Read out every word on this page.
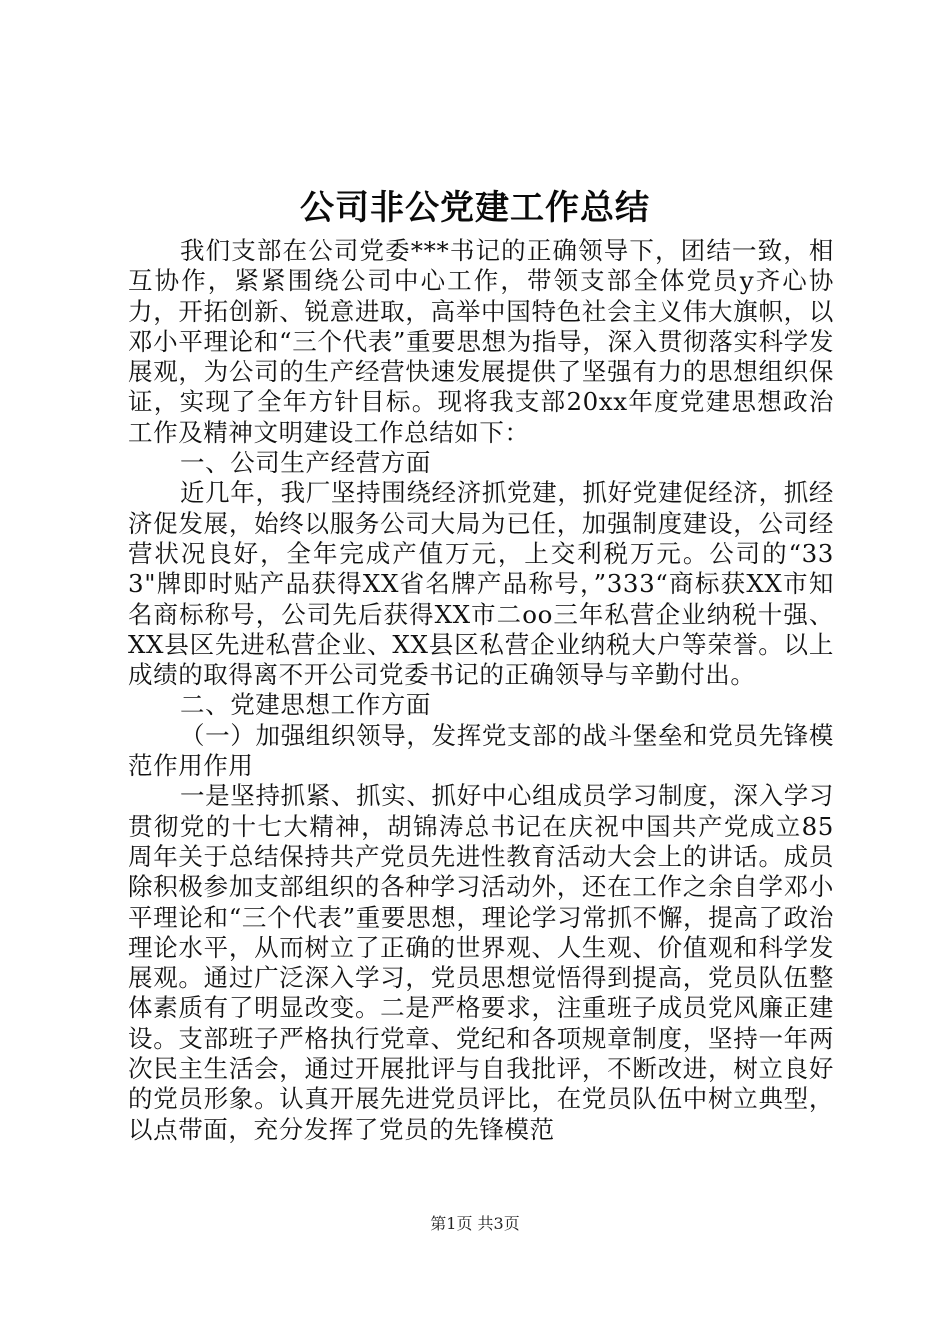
公司非公党建工作总结

我们支部在公司党委***书记的正确领导下，团结一致，相互协作，紧紧围绕公司中心工作，带领支部全体党员y齐心协力，开拓创新、锐意进取，高举中国特色社会主义伟大旗帜，以邓小平理论和“三个代表”重要思想为指导，深入贯彻落实科学发展观，为公司的生产经营快速发展提供了坚强有力的思想组织保证，实现了全年方针目标。现将我支部20xx年度党建思想政治工作及精神文明建设工作总结如下：

一、公司生产经营方面

近几年，我厂坚持围绕经济抓党建，抓好党建促经济，抓经济促发展，始终以服务公司大局为已任，加强制度建设，公司经营状况良好，全年完成产值万元，上交利税万元。公司的“333"牌即时贴产品获得XX省名牌产品称号，”333“商标获XX市知名商标称号，公司先后获得XX市二oo三年私营企业纳税十强、XX县区先进私营企业、XX县区私营企业纳税大户等荣誉。以上成绩的取得离不开公司党委书记的正确领导与辛勤付出。

二、党建思想工作方面

（一）加强组织领导，发挥党支部的战斗堡垒和党员先锋模范作用作用

一是坚持抓紧、抓实、抓好中心组成员学习制度，深入学习贯彻党的十七大精神，胡锦涛总书记在庆祝中国共产党成立85周年关于总结保持共产党员先进性教育活动大会上的讲话。成员除积极参加支部组织的各种学习活动外，还在工作之余自学邓小平理论和“三个代表”重要思想，理论学习常抓不懈，提高了政治理论水平，从而树立了正确的世界观、人生观、价值观和科学发展观。通过广泛深入学习，党员思想觉悟得到提高，党员队伍整体素质有了明显改变。二是严格要求，注重班子成员党风廉正建设。支部班子严格执行党章、党纪和各项规章制度，坚持一年两次民主生活会，通过开展批评与自我批评，不断改进，树立良好的党员形象。认真开展先进党员评比，在党员队伍中树立典型，以点带面，充分发挥了党员的先锋模范

第1页 共3页
